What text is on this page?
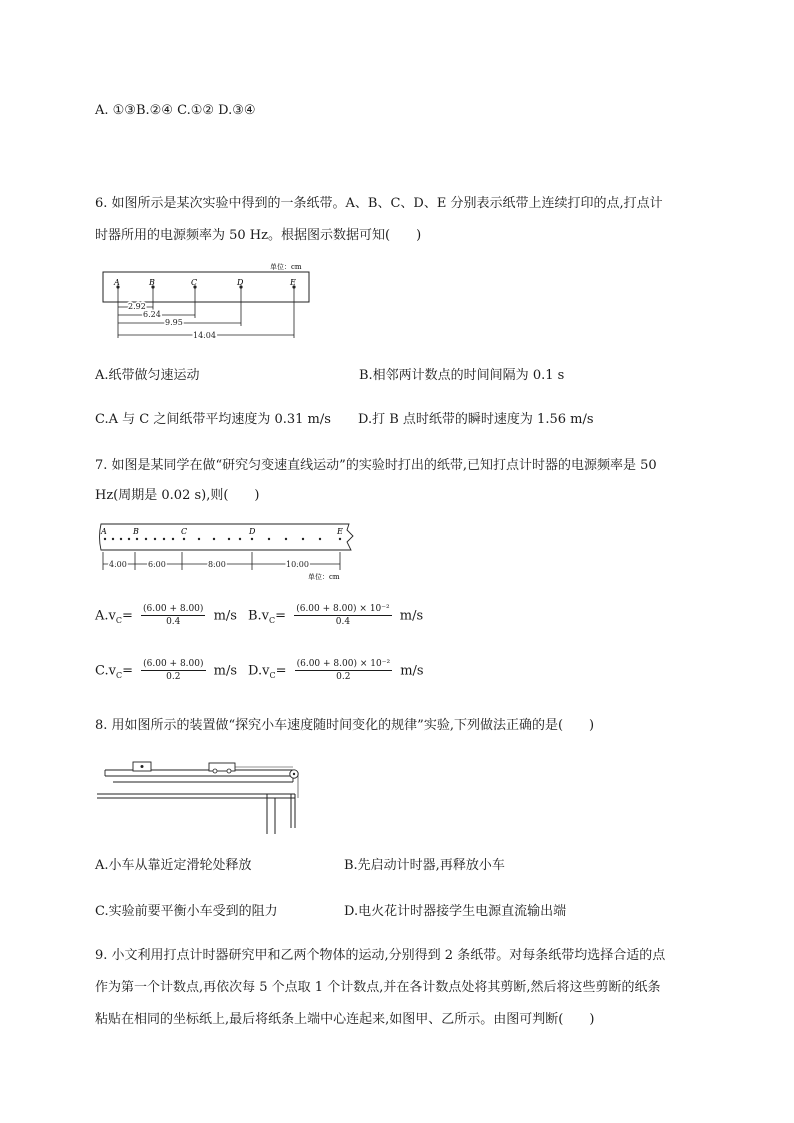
A. ①③B.②④ C.①② D.③④
6. 如图所示是某次实验中得到的一条纸带。A、B、C、D、E 分别表示纸带上连续打印的点,打点计
时器所用的电源频率为 50 Hz。根据图示数据可知(　　)
单位：cm
A	B	C	D	E
2.92
6.24
9.95
14.04
A.纸带做匀速运动	B.相邻两计数点的时间间隔为 0.1 s
C.A 与 C 之间纸带平均速度为 0.31 m/s D.打 B 点时纸带的瞬时速度为 1.56 m/s
7. 如图是某同学在做“研究匀变速直线运动”的实验时打出的纸带,已知打点计时器的电源频率是 50
Hz(周期是 0.02 s),则(　　)
A	B	C	D	E
4.00	6.00	8.00	10.00
单位：cm
$A.v_C= \frac{(6.00 + 8.00)}{0.4} m/s$ $B.v_C= \frac{\text{(6.00 + 8.00) × 10⁻²}}{0.4} m/s$
$C.v_C= \frac{(6.00 + 8.00)}{0.2} m/s$ $D.v_C= \frac{\text{(6.00 + 8.00) × 10⁻²}}{0.2} m/s$
8. 用如图所示的装置做“探究小车速度随时间变化的规律”实验,下列做法正确的是(　　)
A.小车从靠近定滑轮处释放	B.先启动计时器,再释放小车
C.实验前要平衡小车受到的阻力	D.电火花计时器接学生电源直流输出端
9. 小文利用打点计时器研究甲和乙两个物体的运动,分别得到 2 条纸带。对每条纸带均选择合适的点
作为第一个计数点,再依次每 5 个点取 1 个计数点,并在各计数点处将其剪断,然后将这些剪断的纸条
粘贴在相同的坐标纸上,最后将纸条上端中心连起来,如图甲、乙所示。由图可判断(　　)
